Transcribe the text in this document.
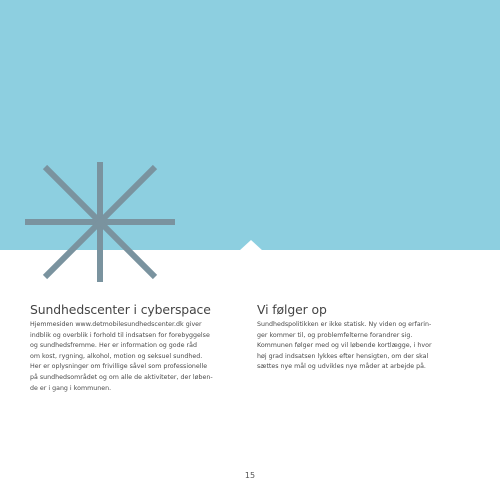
Sundhedscenter i cyberspace

Hjemmesiden www.detmobilesundhedscenter.dk giver
indblik og overblik i forhold til indsatsen for forebyggelse
og sundhedsfremme. Her er information og gode råd
om kost, rygning, alkohol, motion og seksuel sundhed.
Her er oplysninger om frivillige såvel som professionelle
på sundhedsområdet og om alle de aktiviteter, der løben-
de er i gang i kommunen.

Vi følger op

Sundhedspolitikken er ikke statisk. Ny viden og erfarin-
ger kommer til, og problemfelterne forandrer sig.
Kommunen følger med og vil løbende kortlægge, i hvor
høj grad indsatsen lykkes efter hensigten, om der skal
sættes nye mål og udvikles nye måder at arbejde på.

15
